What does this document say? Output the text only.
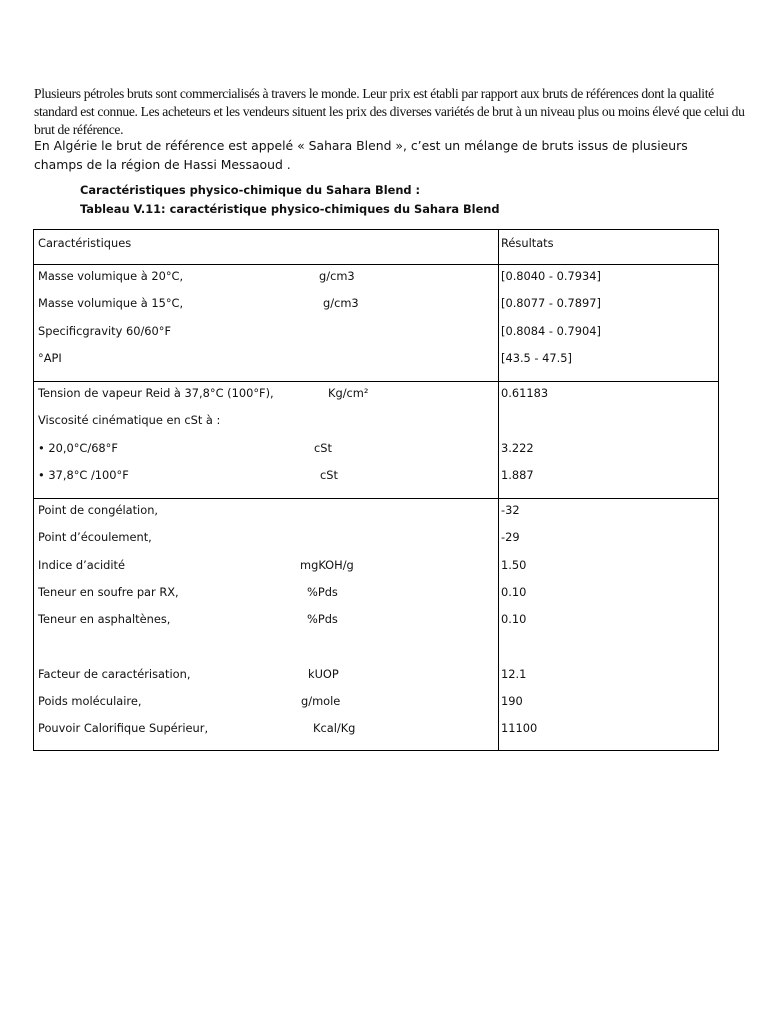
Plusieurs pétroles bruts sont commercialisés à travers le monde. Leur prix est établi par rapport aux bruts de références dont la qualité standard est connue. Les acheteurs et les vendeurs situent les prix des diverses variétés de brut à un niveau plus ou moins élevé que celui du brut de référence.

En Algérie le brut de référence est appelé « Sahara Blend », c’est un mélange de bruts issus de plusieurs champs de la région de Hassi Messaoud .

Caractéristiques physico-chimique du Sahara Blend :

Tableau V.11: caractéristique physico-chimiques du Sahara Blend

Caractéristiques	Résultats
Masse volumique à 20°C,	g/cm3	[0.8040 - 0.7934]
Masse volumique à 15°C,	g/cm3	[0.8077 - 0.7897]
Specificgravity 60/60°F	[0.8084 - 0.7904]
°API	[43.5 - 47.5]
Tension de vapeur Reid à 37,8°C (100°F),	Kg/cm²	0.61183
Viscosité cinématique en cSt à :
• 20,0°C/68°F	cSt	3.222
• 37,8°C /100°F	cSt	1.887
Point de congélation,	-32
Point d’écoulement,	-29
Indice d’acidité	mgKOH/g	1.50
Teneur en soufre par RX,	%Pds	0.10
Teneur en asphaltènes,	%Pds	0.10
Facteur de caractérisation,	kUOP	12.1
Poids moléculaire,	g/mole	190
Pouvoir Calorifique Supérieur,	Kcal/Kg	11100
